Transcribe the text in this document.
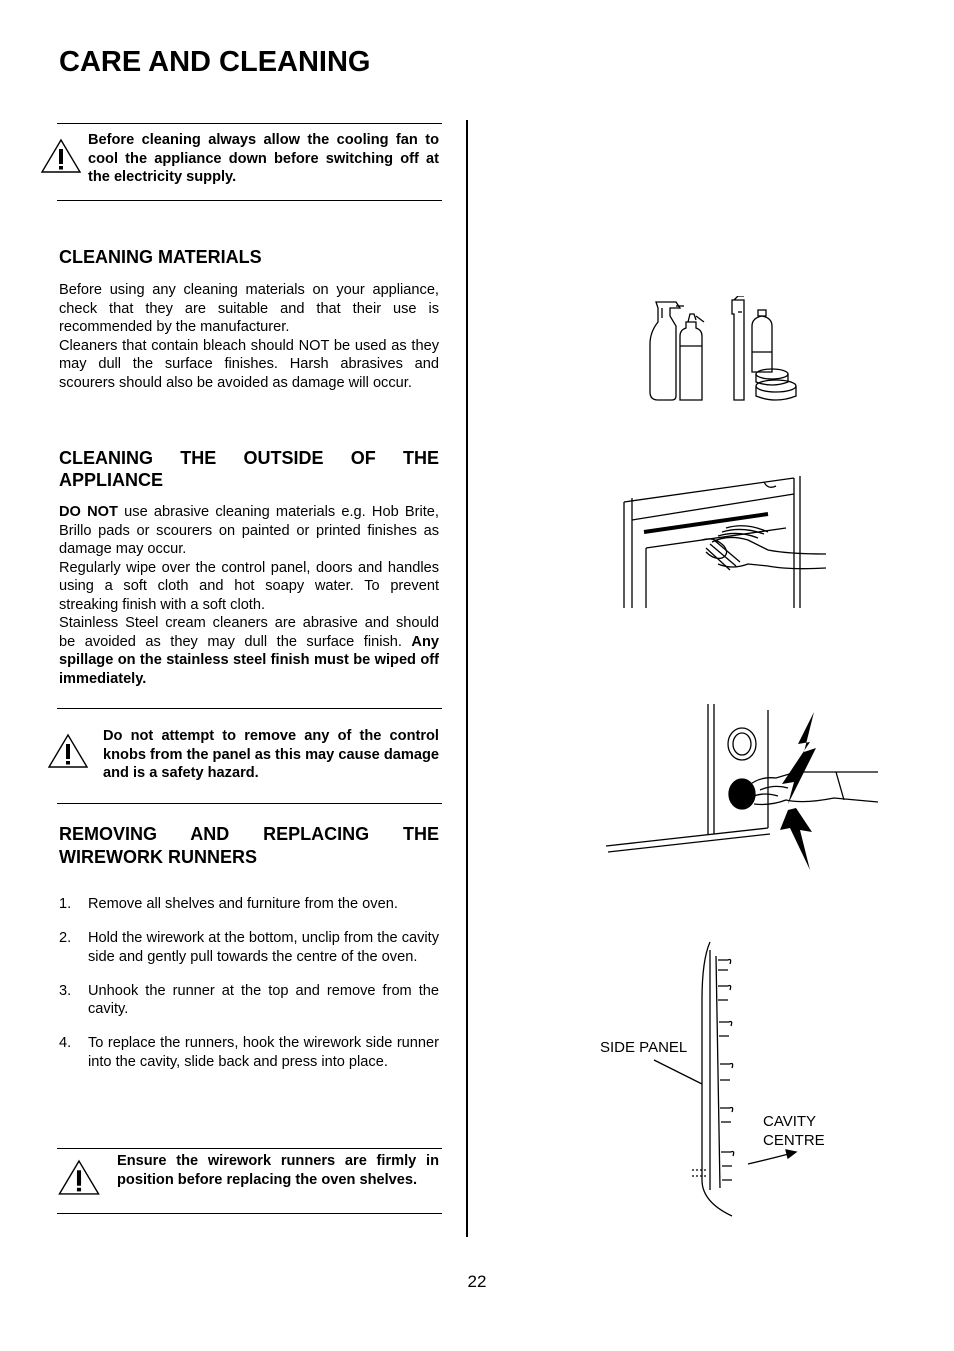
CARE AND CLEANING
Before cleaning always allow the cooling fan to cool the appliance down before switching off at the electricity supply.
CLEANING MATERIALS

Before using any cleaning materials on your appliance, check that they are suitable and that their use is recommended by the manufacturer.

Cleaners that contain bleach should NOT be used as they may dull the surface finishes. Harsh abrasives and scourers should also be avoided as damage will occur.

CLEANING THE OUTSIDE OF THE
APPLIANCE

DO NOT use abrasive cleaning materials e.g. Hob Brite, Brillo pads or scourers on painted or printed finishes as damage may occur.

Regularly wipe over the control panel, doors and handles using a soft cloth and hot soapy water. To prevent streaking finish with a soft cloth.

Stainless Steel cream cleaners are abrasive and should be avoided as they may dull the surface finish. Any spillage on the stainless steel finish must be wiped off immediately.

Do not attempt to remove any of the control knobs from the panel as this may cause damage and is a safety hazard.
REMOVING AND REPLACING THE
WIREWORK RUNNERS
1. Remove all shelves and furniture from the oven.
2. Hold the wirework at the bottom, unclip from the cavity side and gently pull towards the centre of the oven.
3. Unhook the runner at the top and remove from the cavity.
4. To replace the runners, hook the wirework side runner into the cavity, slide back and press into place.
Ensure the wirework runners are firmly in position before replacing the oven shelves.
SIDE PANEL
CAVITY
CENTRE
22
